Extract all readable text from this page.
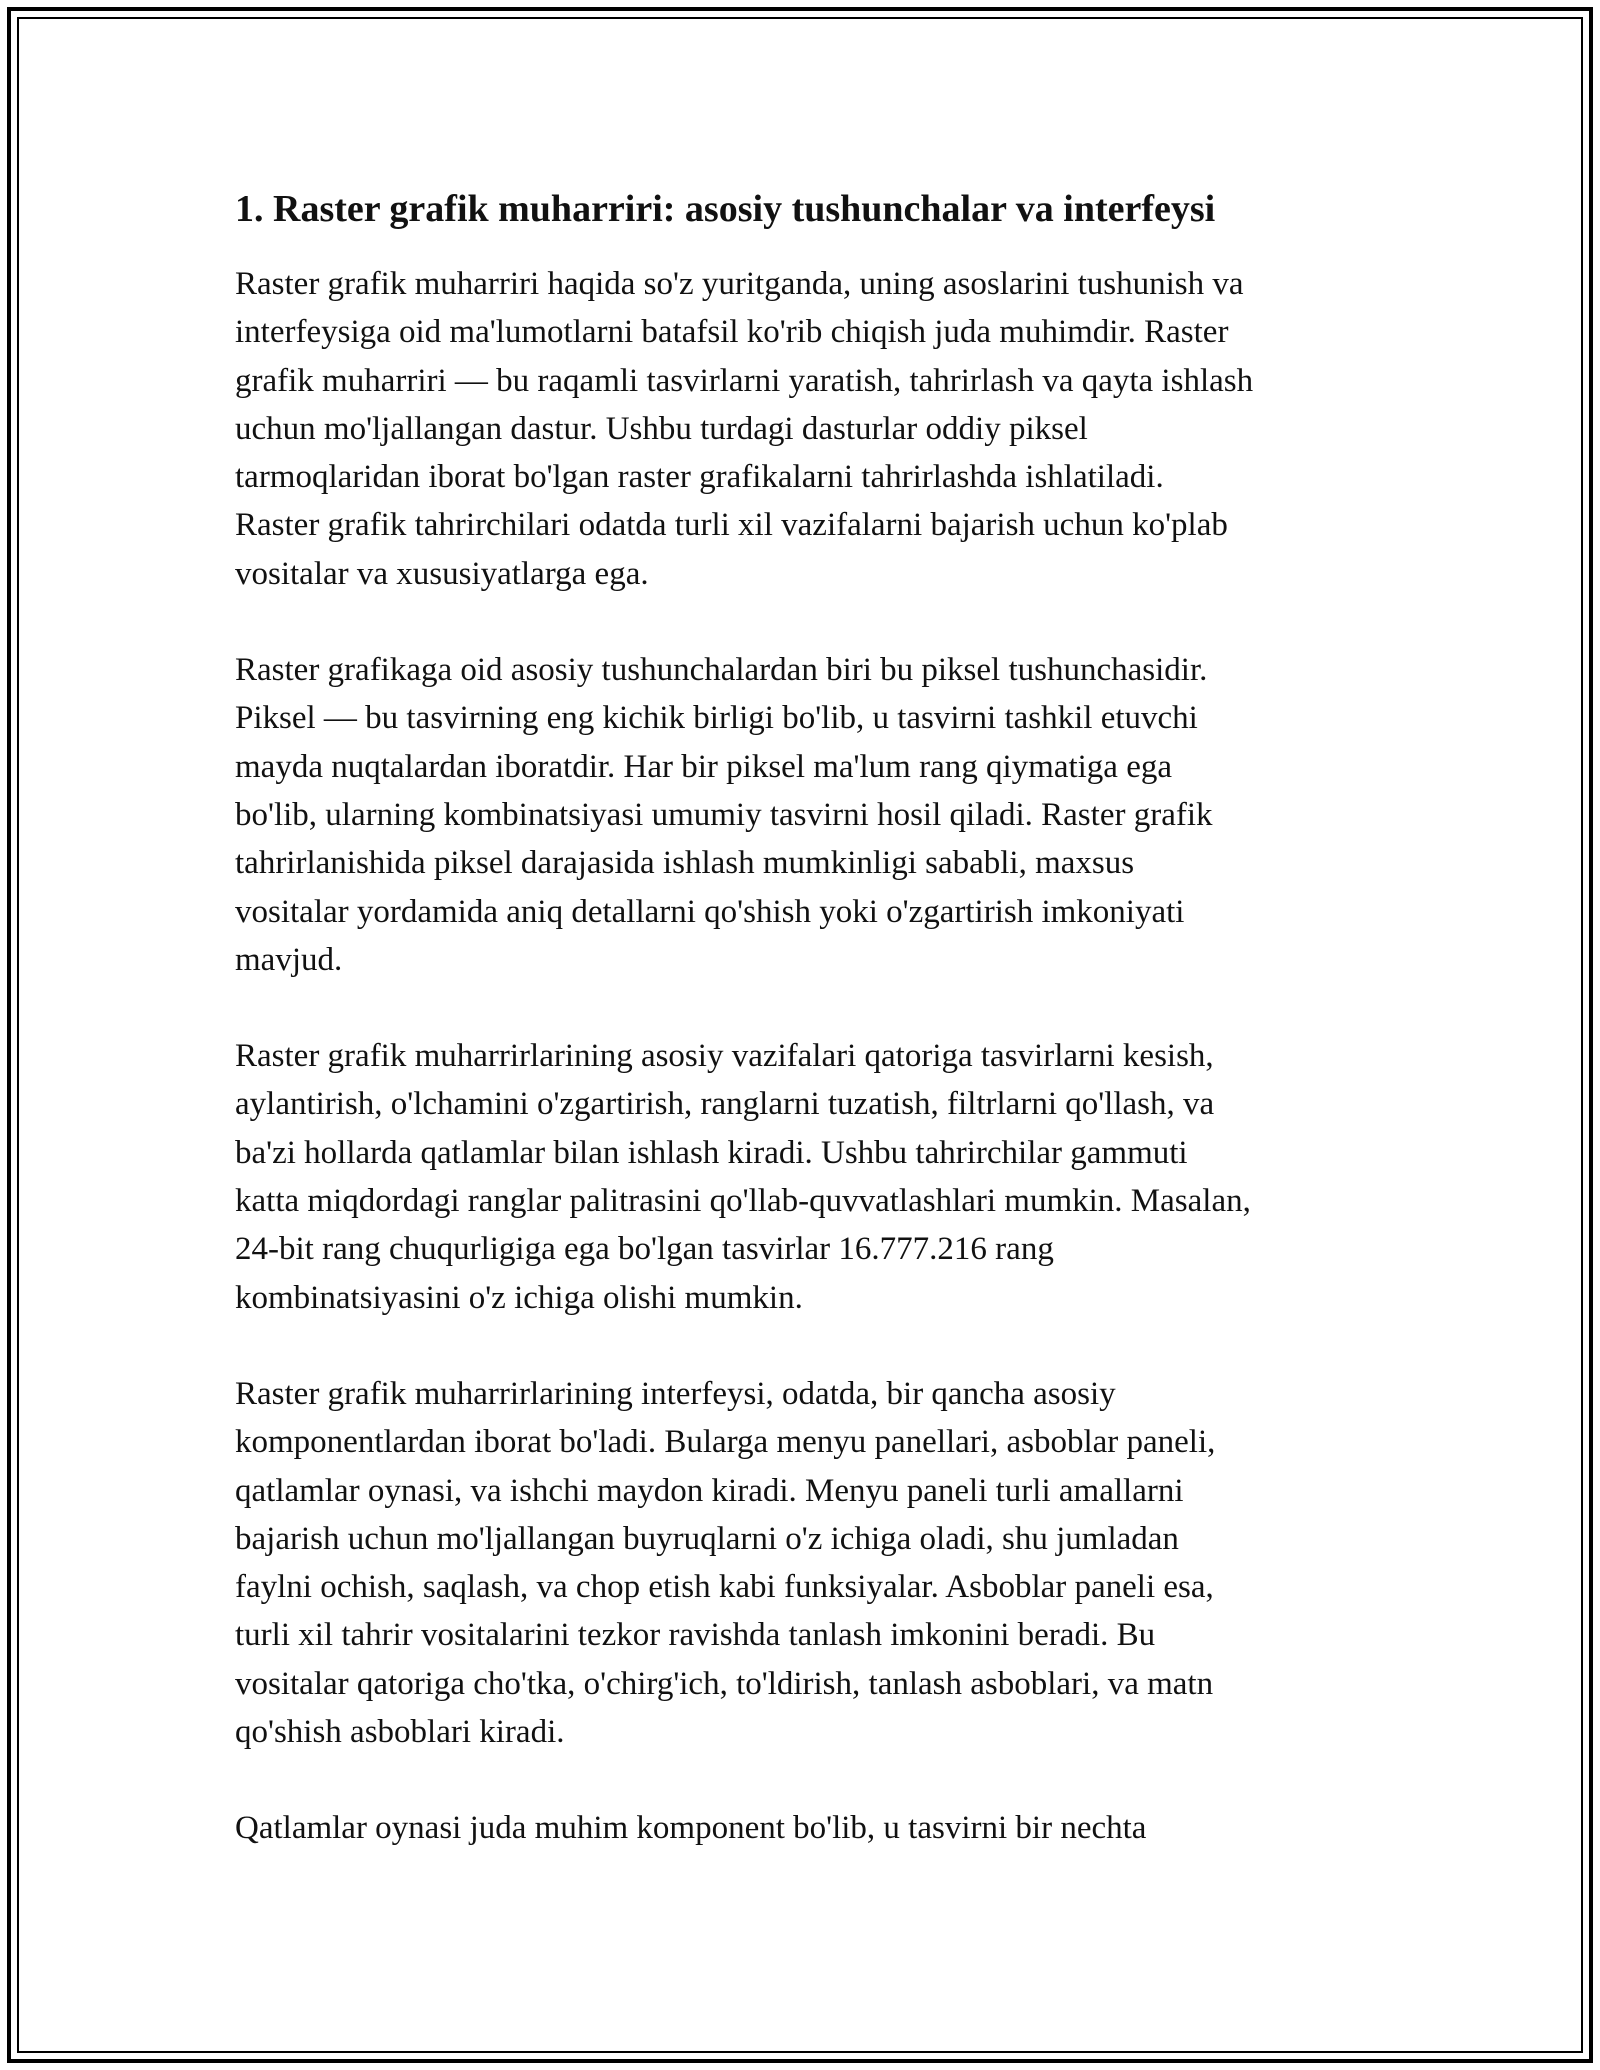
1. Raster grafik muharriri: asosiy tushunchalar va interfeysi

Raster grafik muharriri haqida so'z yuritganda, uning asoslarini tushunish va
interfeysiga oid ma'lumotlarni batafsil ko'rib chiqish juda muhimdir. Raster
grafik muharriri — bu raqamli tasvirlarni yaratish, tahrirlash va qayta ishlash
uchun mo'ljallangan dastur. Ushbu turdagi dasturlar oddiy piksel
tarmoqlaridan iborat bo'lgan raster grafikalarni tahrirlashda ishlatiladi.
Raster grafik tahrirchilari odatda turli xil vazifalarni bajarish uchun ko'plab
vositalar va xususiyatlarga ega.

Raster grafikaga oid asosiy tushunchalardan biri bu piksel tushunchasidir.
Piksel — bu tasvirning eng kichik birligi bo'lib, u tasvirni tashkil etuvchi
mayda nuqtalardan iboratdir. Har bir piksel ma'lum rang qiymatiga ega
bo'lib, ularning kombinatsiyasi umumiy tasvirni hosil qiladi. Raster grafik
tahrirlanishida piksel darajasida ishlash mumkinligi sababli, maxsus
vositalar yordamida aniq detallarni qo'shish yoki o'zgartirish imkoniyati
mavjud.

Raster grafik muharrirlarining asosiy vazifalari qatoriga tasvirlarni kesish,
aylantirish, o'lchamini o'zgartirish, ranglarni tuzatish, filtrlarni qo'llash, va
ba'zi hollarda qatlamlar bilan ishlash kiradi. Ushbu tahrirchilar gammuti
katta miqdordagi ranglar palitrasini qo'llab-quvvatlashlari mumkin. Masalan,
24-bit rang chuqurligiga ega bo'lgan tasvirlar 16.777.216 rang
kombinatsiyasini o'z ichiga olishi mumkin.

Raster grafik muharrirlarining interfeysi, odatda, bir qancha asosiy
komponentlardan iborat bo'ladi. Bularga menyu panellari, asboblar paneli,
qatlamlar oynasi, va ishchi maydon kiradi. Menyu paneli turli amallarni
bajarish uchun mo'ljallangan buyruqlarni o'z ichiga oladi, shu jumladan
faylni ochish, saqlash, va chop etish kabi funksiyalar. Asboblar paneli esa,
turli xil tahrir vositalarini tezkor ravishda tanlash imkonini beradi. Bu
vositalar qatoriga cho'tka, o'chirg'ich, to'ldirish, tanlash asboblari, va matn
qo'shish asboblari kiradi.

Qatlamlar oynasi juda muhim komponent bo'lib, u tasvirni bir nechta
